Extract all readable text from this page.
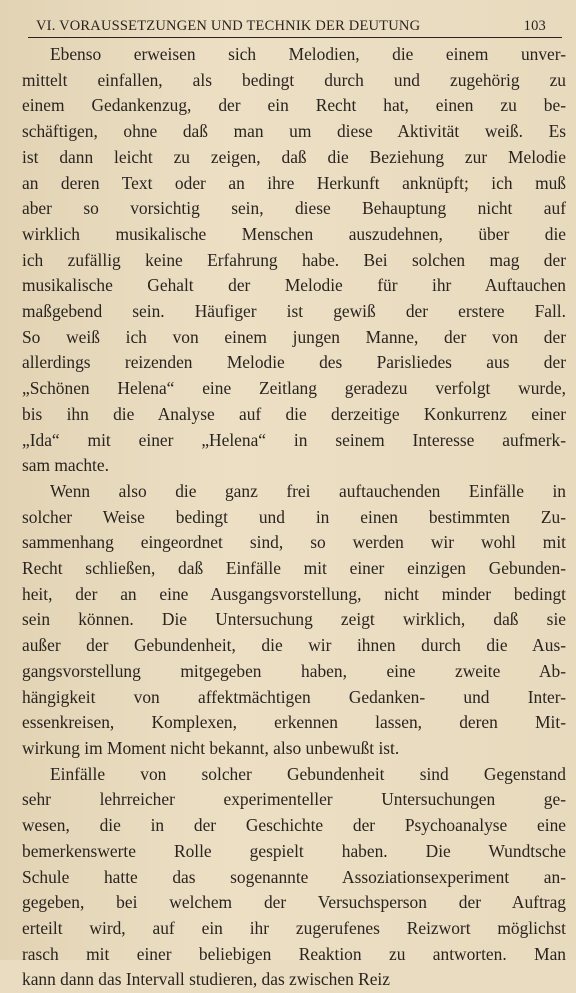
VI. VORAUSSETZUNGEN UND TECHNIK DER DEUTUNG	103

Ebenso erweisen sich Melodien, die einem unver-
mittelt einfallen, als bedingt durch und zugehörig zu
einem Gedankenzug, der ein Recht hat, einen zu be-
schäftigen, ohne daß man um diese Aktivität weiß. Es
ist dann leicht zu zeigen, daß die Beziehung zur Melodie
an deren Text oder an ihre Herkunft anknüpft; ich muß
aber so vorsichtig sein, diese Behauptung nicht auf
wirklich musikalische Menschen auszudehnen, über die
ich zufällig keine Erfahrung habe. Bei solchen mag der
musikalische Gehalt der Melodie für ihr Auftauchen
maßgebend sein. Häufiger ist gewiß der erstere Fall.
So weiß ich von einem jungen Manne, der von der
allerdings reizenden Melodie des Parisliedes aus der
„Schönen Helena“ eine Zeitlang geradezu verfolgt wurde,
bis ihn die Analyse auf die derzeitige Konkurrenz einer
„Ida“ mit einer „Helena“ in seinem Interesse aufmerk-
sam machte.

Wenn also die ganz frei auftauchenden Einfälle in
solcher Weise bedingt und in einen bestimmten Zu-
sammenhang eingeordnet sind, so werden wir wohl mit
Recht schließen, daß Einfälle mit einer einzigen Gebunden-
heit, der an eine Ausgangsvorstellung, nicht minder bedingt
sein können. Die Untersuchung zeigt wirklich, daß sie
außer der Gebundenheit, die wir ihnen durch die Aus-
gangsvorstellung mitgegeben haben, eine zweite Ab-
hängigkeit von affektmächtigen Gedanken- und Inter-
essenkreisen, Komplexen, erkennen lassen, deren Mit-
wirkung im Moment nicht bekannt, also unbewußt ist.

Einfälle von solcher Gebundenheit sind Gegenstand
sehr lehrreicher experimenteller Untersuchungen ge-
wesen, die in der Geschichte der Psychoanalyse eine
bemerkenswerte Rolle gespielt haben. Die Wundtsche
Schule hatte das sogenannte Assoziationsexperiment an-
gegeben, bei welchem der Versuchsperson der Auftrag
erteilt wird, auf ein ihr zugerufenes Reizwort möglichst
rasch mit einer beliebigen Reaktion zu antworten. Man
kann dann das Intervall studieren, das zwischen Reiz
